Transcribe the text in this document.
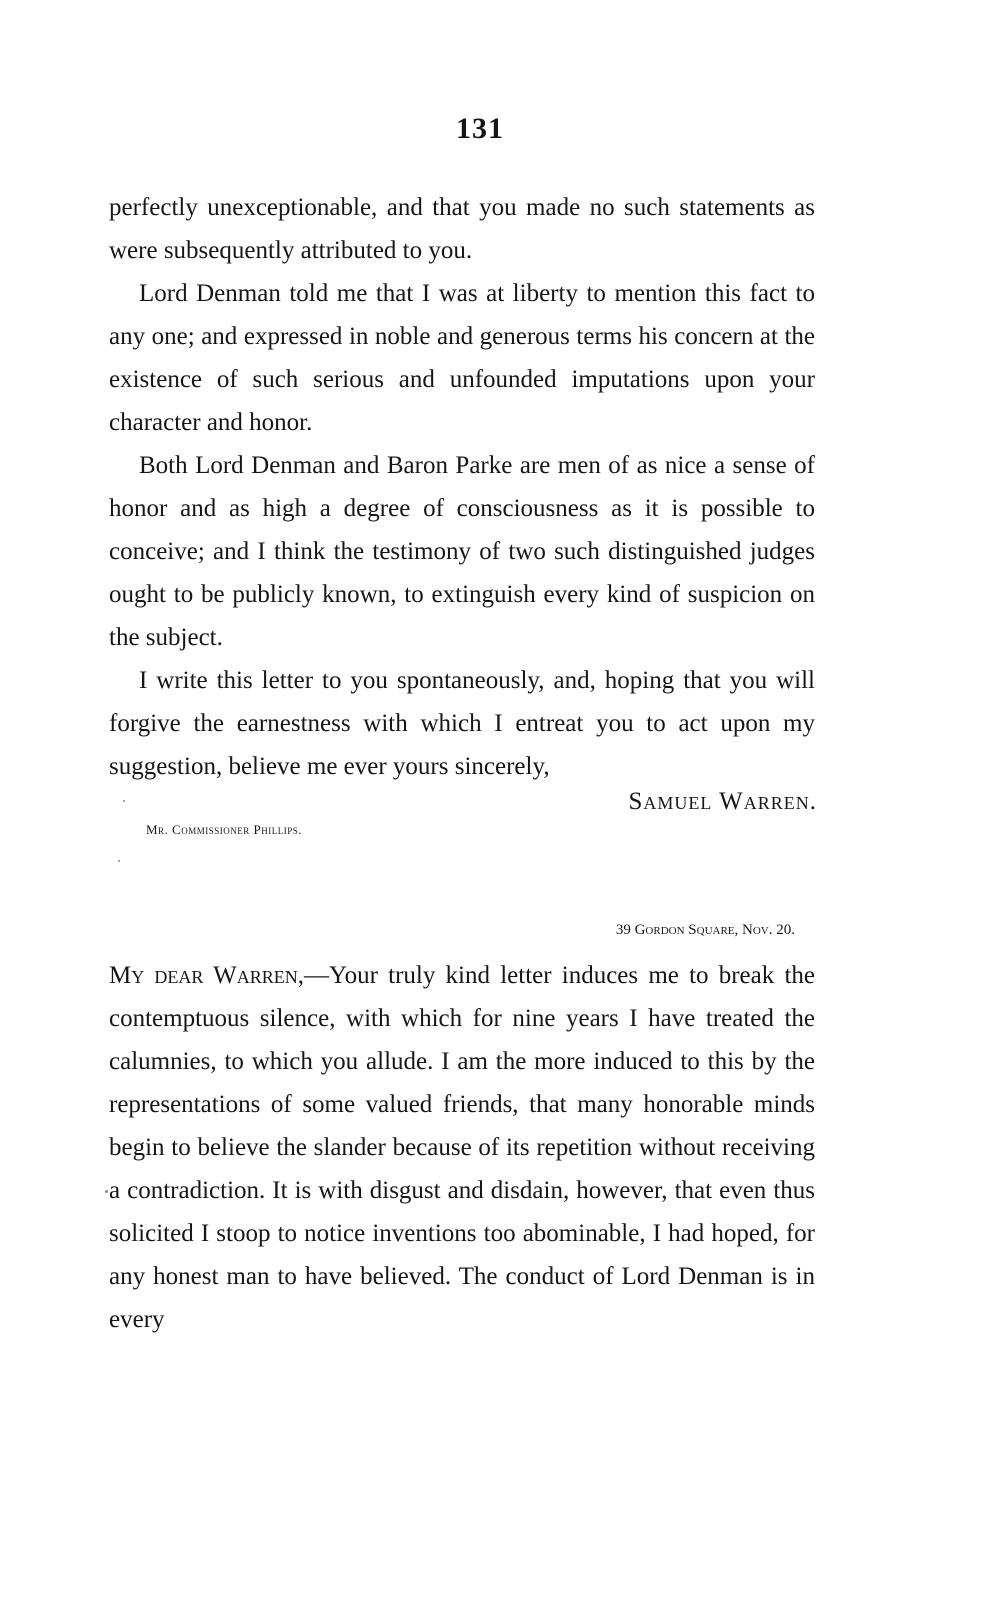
131

perfectly unexceptionable, and that you made no such statements as were subsequently attributed to you.

Lord Denman told me that I was at liberty to mention this fact to any one; and expressed in noble and generous terms his concern at the existence of such serious and unfounded imputations upon your character and honor.

Both Lord Denman and Baron Parke are men of as nice a sense of honor and as high a degree of consciousness as it is possible to conceive; and I think the testimony of two such distinguished judges ought to be publicly known, to extinguish every kind of suspicion on the subject.

I write this letter to you spontaneously, and, hoping that you will forgive the earnestness with which I entreat you to act upon my suggestion, believe me ever yours sincerely,

Samuel Warren.
Mr. Commissioner Phillips.
39 Gordon Square, Nov. 20.

My dear Warren,—Your truly kind letter induces me to break the contemptuous silence, with which for nine years I have treated the calumnies, to which you allude. I am the more induced to this by the representations of some valued friends, that many honorable minds begin to believe the slander because of its repetition without receiving a contradiction. It is with disgust and disdain, however, that even thus solicited I stoop to notice inventions too abominable, I had hoped, for any honest man to have believed. The conduct of Lord Denman is in every
